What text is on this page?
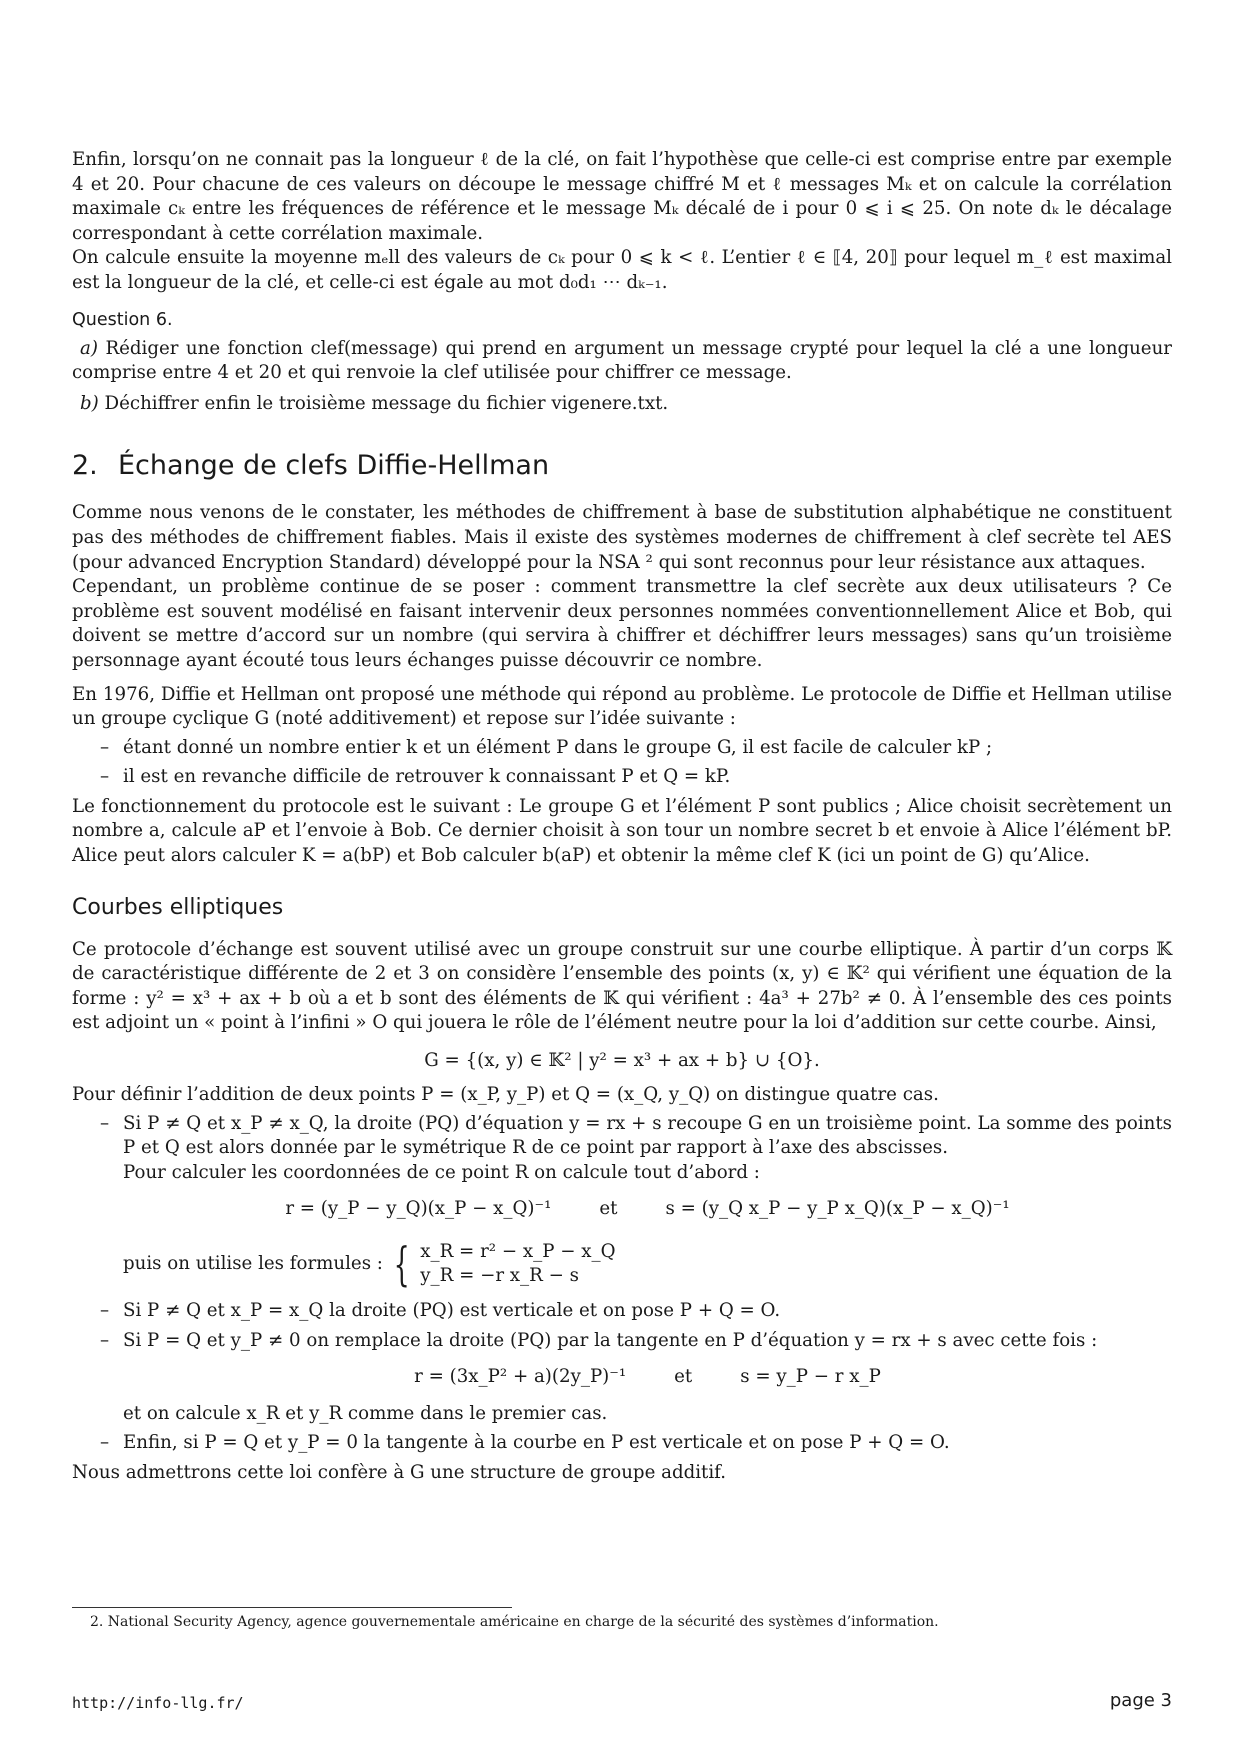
Enfin, lorsqu’on ne connait pas la longueur ℓ de la clé, on fait l’hypothèse que celle-ci est comprise entre par exemple 4 et 20. Pour chacune de ces valeurs on découpe le message chiffré M et ℓ messages Mₖ et on calcule la corrélation maximale cₖ entre les fréquences de référence et le message Mₖ décalé de i pour 0 ⩽ i ⩽ 25. On note dₖ le décalage correspondant à cette corrélation maximale.

On calcule ensuite la moyenne mₑll des valeurs de cₖ pour 0 ⩽ k < ℓ. L’entier ℓ ∈ ⟦4, 20⟧ pour lequel m_ℓ est maximal est la longueur de la clé, et celle-ci est égale au mot d₀d₁ ⋯ dₖ₋₁.

Question 6.
a) Rédiger une fonction clef(message) qui prend en argument un message crypté pour lequel la clé a une longueur comprise entre 4 et 20 et qui renvoie la clef utilisée pour chiffrer ce message.
b) Déchiffrer enfin le troisième message du fichier vigenere.txt.
2. Échange de clefs Diffie-Hellman

Comme nous venons de le constater, les méthodes de chiffrement à base de substitution alphabétique ne constituent pas des méthodes de chiffrement fiables. Mais il existe des systèmes modernes de chiffrement à clef secrète tel AES (pour advanced Encryption Standard) développé pour la NSA ² qui sont reconnus pour leur résistance aux attaques.

Cependant, un problème continue de se poser : comment transmettre la clef secrète aux deux utilisateurs ? Ce problème est souvent modélisé en faisant intervenir deux personnes nommées conventionnellement Alice et Bob, qui doivent se mettre d’accord sur un nombre (qui servira à chiffrer et déchiffrer leurs messages) sans qu’un troisième personnage ayant écouté tous leurs échanges puisse découvrir ce nombre.

En 1976, Diffie et Hellman ont proposé une méthode qui répond au problème. Le protocole de Diffie et Hellman utilise un groupe cyclique G (noté additivement) et repose sur l’idée suivante :

– étant donné un nombre entier k et un élément P dans le groupe G, il est facile de calculer kP ;
– il est en revanche difficile de retrouver k connaissant P et Q = kP.

Le fonctionnement du protocole est le suivant : Le groupe G et l’élément P sont publics ; Alice choisit secrètement un nombre a, calcule aP et l’envoie à Bob. Ce dernier choisit à son tour un nombre secret b et envoie à Alice l’élément bP. Alice peut alors calculer K = a(bP) et Bob calculer b(aP) et obtenir la même clef K (ici un point de G) qu’Alice.

Courbes elliptiques

Ce protocole d’échange est souvent utilisé avec un groupe construit sur une courbe elliptique. À partir d’un corps 𝕂 de caractéristique différente de 2 et 3 on considère l’ensemble des points (x, y) ∈ 𝕂² qui vérifient une équation de la forme : y² = x³ + ax + b où a et b sont des éléments de 𝕂 qui vérifient : 4a³ + 27b² ≠ 0. À l’ensemble des ces points est adjoint un « point à l’infini » O qui jouera le rôle de l’élément neutre pour la loi d’addition sur cette courbe. Ainsi,

G = {(x, y) ∈ 𝕂² | y² = x³ + ax + b} ∪ {O}.

Pour définir l’addition de deux points P = (x_P, y_P) et Q = (x_Q, y_Q) on distingue quatre cas.

– Si P ≠ Q et x_P ≠ x_Q, la droite (PQ) d’équation y = rx + s recoupe G en un troisième point. La somme des points P et Q est alors donnée par le symétrique R de ce point par rapport à l’axe des abscisses.
Pour calculer les coordonnées de ce point R on calcule tout d’abord :
r = (y_P − y_Q)(x_P − x_Q)⁻¹	et	s = (y_Q x_P − y_P x_Q)(x_P − x_Q)⁻¹
puis on utilise les formules : { x_R = r² − x_P − x_Q
y_R = −r x_R − s
– Si P ≠ Q et x_P = x_Q la droite (PQ) est verticale et on pose P + Q = O.
– Si P = Q et y_P ≠ 0 on remplace la droite (PQ) par la tangente en P d’équation y = rx + s avec cette fois :
r = (3x_P² + a)(2y_P)⁻¹	et	s = y_P − r x_P
et on calcule x_R et y_R comme dans le premier cas.
– Enfin, si P = Q et y_P = 0 la tangente à la courbe en P est verticale et on pose P + Q = O.

Nous admettrons cette loi confère à G une structure de groupe additif.

2. National Security Agency, agence gouvernementale américaine en charge de la sécurité des systèmes d’information.
http://info-llg.fr/	page 3
